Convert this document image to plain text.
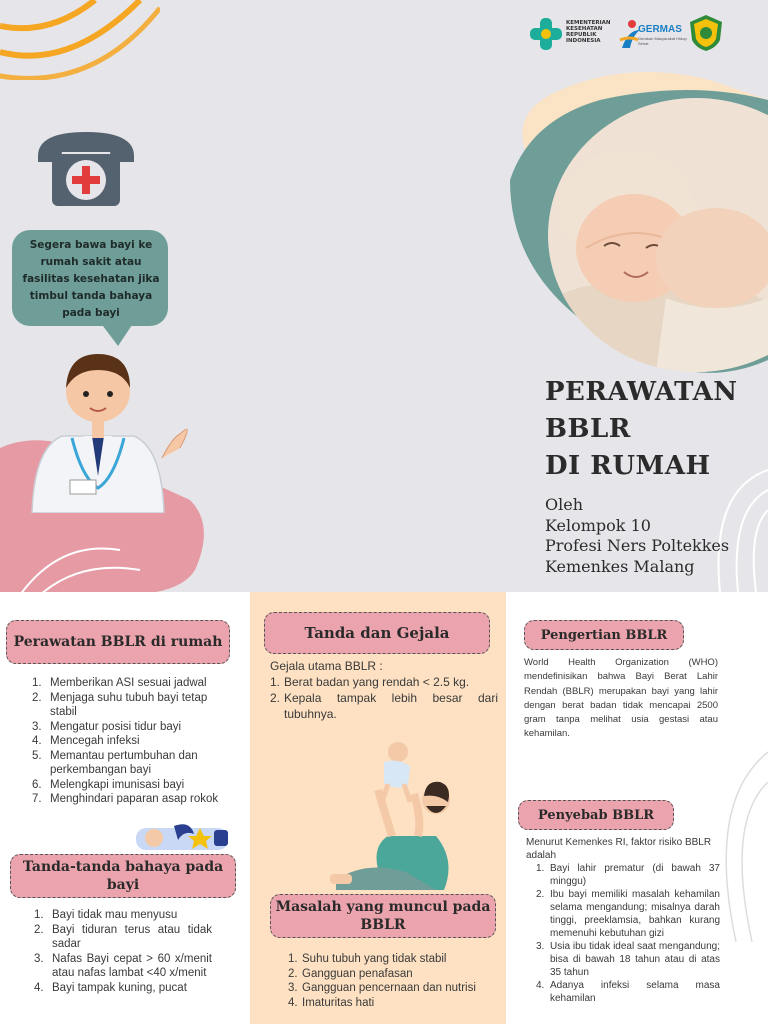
KEMENTERIAN
KESEHATAN
REPUBLIK
INDONESIA
GERMAS
Gerakan Masyarakat Hidup Sehat
Segera bawa bayi ke rumah sakit atau fasilitas kesehatan jika timbul tanda bahaya pada bayi
PERAWATAN
BBLR
DI RUMAH
Oleh
Kelompok 10
Profesi Ners Poltekkes
Kemenkes Malang
Perawatan BBLR di rumah
1. Memberikan ASI sesuai jadwal
2. Menjaga suhu tubuh bayi tetap stabil
3. Mengatur posisi tidur bayi
4. Mencegah infeksi
5. Memantau pertumbuhan dan perkembangan bayi
6. Melengkapi imunisasi bayi
7. Menghindari paparan asap rokok
Tanda-tanda bahaya pada bayi
1. Bayi tidak mau menyusu
2. Bayi tiduran terus atau tidak sadar
3. Nafas Bayi cepat > 60 x/menit atau nafas lambat <40 x/menit
4. Bayi tampak kuning, pucat
Tanda dan Gejala
Gejala utama BBLR :
1. Berat badan yang rendah < 2.5 kg.
2. Kepala tampak lebih besar dari tubuhnya.
Masalah yang muncul pada BBLR
1. Suhu tubuh yang tidak stabil
2. Gangguan penafasan
3. Gangguan pencernaan dan nutrisi
4. Imaturitas hati
Pengertian BBLR
World Health Organization (WHO) mendefinisikan bahwa Bayi Berat Lahir Rendah (BBLR) merupakan bayi yang lahir dengan berat badan tidak mencapai 2500 gram tanpa melihat usia gestasi atau kehamilan.
Penyebab BBLR
Menurut Kemenkes RI, faktor risiko BBLR adalah
1. Bayi lahir prematur (di bawah 37 minggu)
2. Ibu bayi memiliki masalah kehamilan selama mengandung; misalnya darah tinggi, preeklamsia, bahkan kurang memenuhi kebutuhan gizi
3. Usia ibu tidak ideal saat mengandung; bisa di bawah 18 tahun atau di atas 35 tahun
4. Adanya infeksi selama masa kehamilan
